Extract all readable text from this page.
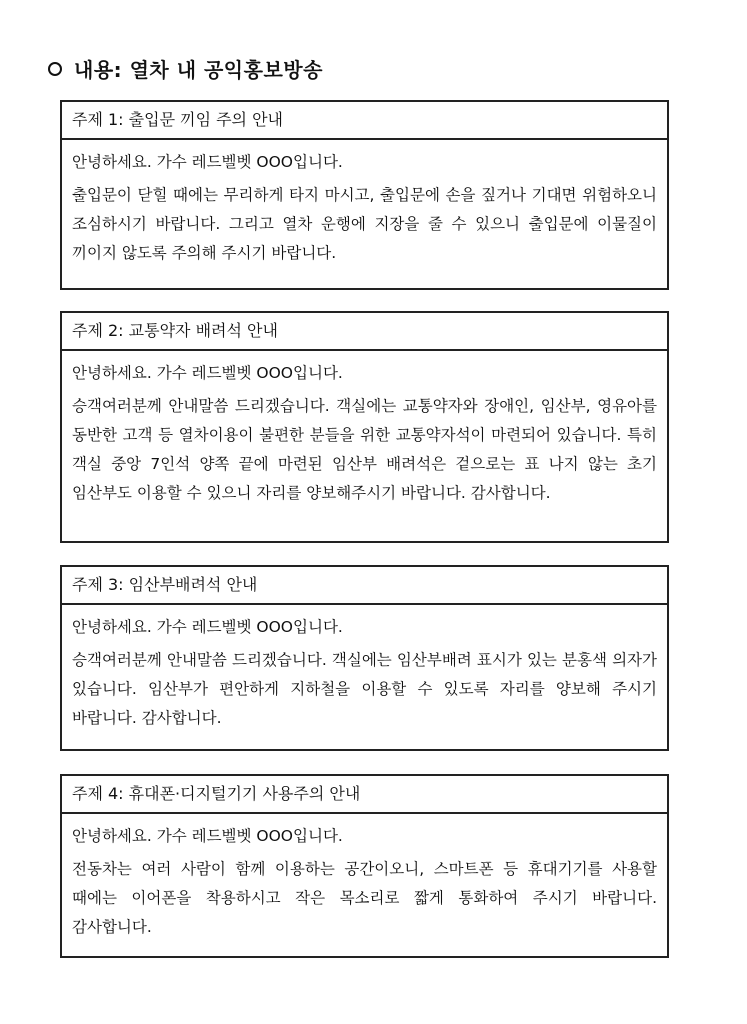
내용: 열차 내 공익홍보방송
주제 1: 출입문 끼임 주의 안내
안녕하세요. 가수 레드벨벳 OOO입니다.
출입문이 닫힐 때에는 무리하게 타지 마시고, 출입문에 손을 짚거나 기대면 위험하오니 조심하시기 바랍니다. 그리고 열차 운행에 지장을 줄 수 있으니 출입문에 이물질이 끼이지 않도록 주의해 주시기 바랍니다.
주제 2: 교통약자 배려석 안내
안녕하세요. 가수 레드벨벳 OOO입니다.
승객여러분께 안내말씀 드리겠습니다. 객실에는 교통약자와 장애인, 임산부, 영유아를 동반한 고객 등 열차이용이 불편한 분들을 위한 교통약자석이 마련되어 있습니다. 특히 객실 중앙 7인석 양쪽 끝에 마련된 임산부 배려석은 겉으로는 표 나지 않는 초기 임산부도 이용할 수 있으니 자리를 양보해주시기 바랍니다. 감사합니다.
주제 3: 임산부배려석 안내
안녕하세요. 가수 레드벨벳 OOO입니다.
승객여러분께 안내말씀 드리겠습니다. 객실에는 임산부배려 표시가 있는 분홍색 의자가 있습니다. 임산부가 편안하게 지하철을 이용할 수 있도록 자리를 양보해 주시기 바랍니다. 감사합니다.
주제 4: 휴대폰·디지털기기 사용주의 안내
안녕하세요. 가수 레드벨벳 OOO입니다.
전동차는 여러 사람이 함께 이용하는 공간이오니, 스마트폰 등 휴대기기를 사용할 때에는 이어폰을 착용하시고 작은 목소리로 짧게 통화하여 주시기 바랍니다. 감사합니다.
